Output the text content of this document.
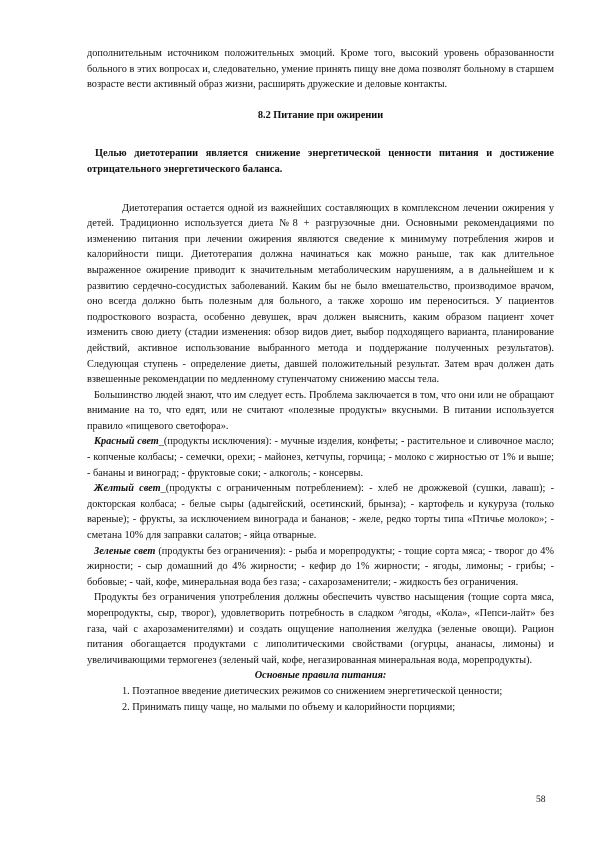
дополнительным источником положительных эмоций. Кроме того, высокий уровень образованности больного в этих вопросах и, следовательно, умение принять пищу вне дома позволят больному в старшем возрасте вести активный образ жизни, расширять дружеские и деловые контакты.

8.2 Питание при ожирении

Целью диетотерапии является снижение энергетической ценности питания и достижение отрицательного энергетического баланса.

Диетотерапия остается одной из важнейших составляющих в комплексном лечении ожирения у детей. Традиционно используется диета №8 + разгрузочные дни. Основными рекомендациями по изменению питания при лечении ожирения являются сведение к минимуму потребления жиров и калорийности пищи. Диетотерапия должна начинаться как можно раньше, так как длительное выраженное ожирение приводит к значительным метаболическим нарушениям, а в дальнейшем и к развитию сердечно-сосудистых заболеваний. Каким бы не было вмешательство, производимое врачом, оно всегда должно быть полезным для больного, а также хорошо им переноситься. У пациентов подросткового возраста, особенно девушек, врач должен выяснить, каким образом пациент хочет изменить свою диету (стадии изменения: обзор видов диет, выбор подходящего варианта, планирование действий, активное использование выбранного метода и поддержание полученных результатов). Следующая ступень - определение диеты, давшей положительный результат. Затем врач должен дать взвешенные рекомендации по медленному ступенчатому снижению массы тела.

Большинство людей знают, что им следует есть. Проблема заключается в том, что они или не обращают внимание на то, что едят, или не считают «полезные продукты» вкусными. В питании используется правило «пищевого светофора».

Красный свет_(продукты исключения): - мучные изделия, конфеты; - растительное и сливочное масло; - копченые колбасы; - семечки, орехи; - майонез, кетчупы, горчица; - молоко с жирностью от 1% и выше; - бананы и виноград; - фруктовые соки; - алкоголь; - консервы.

Желтый свет_(продукты с ограниченным потреблением): - хлеб не дрожжевой (сушки, лаваш); - докторская колбаса; - белые сыры (адыгейский, осетинский, брынза); - картофель и кукуруза (только вареные); - фрукты, за исключением винограда и бананов; - желе, редко торты типа «Птичье молоко»; - сметана 10% для заправки салатов; - яйца отварные.

Зеленые свет (продукты без ограничения): - рыба и морепродукты; - тощие сорта мяса; - творог до 4% жирности; - сыр домашний до 4% жирности; - кефир до 1% жирности; - ягоды, лимоны; - грибы; - бобовые; - чай, кофе, минеральная вода без газа; - сахарозаменители; - жидкость без ограничения.

Продукты без ограничения употребления должны обеспечить чувство насыщения (тощие сорта мяса, морепродукты, сыр, творог), удовлетворить потребность в сладком ^ягоды, «Кола», «Пепси-лайт» без газа, чай с ахарозаменителями) и создать ощущение наполнения желудка (зеленые овощи). Рацион питания обогащается продуктами с липолитическими свойствами (огурцы, ананасы, лимоны) и увеличивающими термогенез (зеленый чай, кофе, негазированная минеральная вода, морепродукты).

Основные правила питания:

1. Поэтапное введение диетических режимов со снижением энергетической ценности;

2. Принимать пищу чаще, но малыми по объему и калорийности порциями;

58
